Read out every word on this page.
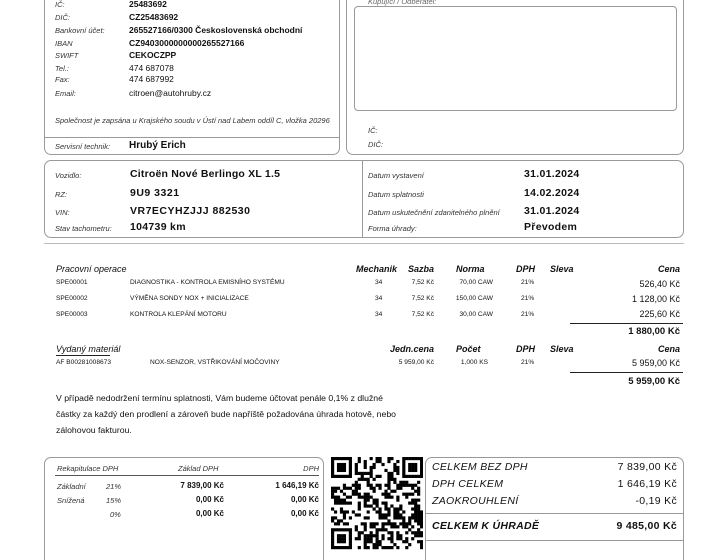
IČ:	25483692
DIČ:	CZ25483692
Bankovní účet:	265527166/0300 Československá obchodní
IBAN	CZ9403000000000265527166
SWIFT	CEKOCZPP
Tel.:	474 687078
Fax:	474 687992
Email:	citroen@autohruby.cz
Společnost je zapsána u Krajského soudu v Ústí nad Labem oddíl C, vložka 20296
Servisní technik: Hrubý Erich
Kupující / Odběratel:
IČ:
DIČ:
Vozidlo:	Citroën Nové Berlingo XL 1.5
RZ:	9U9 3321
VIN:	VR7ECYHZJJJ 882530
Stav tachometru: 104739 km
Datum vystavení	31.01.2024
Datum splatnosti	14.02.2024
Datum uskutečnění zdanitelného plnění 31.01.2024
Forma úhrady:	Převodem
Pracovní operace	Mechanik Sazba Norma	DPH Sleva	Cena
SPE00001	DIAGNOSTIKA - KONTROLA EMISNÍHO SYSTÉMU	34	7,52 Kč	70,00 CAW	21%	526,40 Kč
SPE00002	VÝMĚNA SONDY NOX + INICIALIZACE	34	7,52 Kč	150,00 CAW	21%	1 128,00 Kč
SPE00003	KONTROLA KLEPÁNÍ MOTORU	34	7,52 Kč	30,00 CAW	21%	225,60 Kč
1 880,00 Kč
Vydaný materiál	Jedn.cena Počet	DPH Sleva	Cena
AF B00281008673	NOX-SENZOR, VSTŘIKOVÁNÍ MOČOVINY	5 959,00 Kč	1,000 KS	21%	5 959,00 Kč
5 959,00 Kč
V případě nedodržení termínu splatnosti, Vám budeme účtovat penále 0,1% z dlužné částky za každý den prodlení a zároveň bude napříště požadována úhrada hotově, nebo zálohovou fakturou.
Rekapitulace DPH	Základ DPH	DPH
Základní	21%	7 839,00 Kč	1 646,19 Kč
Snížená	15%	0,00 Kč	0,00 Kč
0%	0,00 Kč	0,00 Kč
CELKEM BEZ DPH	7 839,00 Kč
DPH CELKEM	1 646,19 Kč
ZAOKROUHLENÍ	-0,19 Kč
CELKEM K ÚHRADĚ	9 485,00 Kč
